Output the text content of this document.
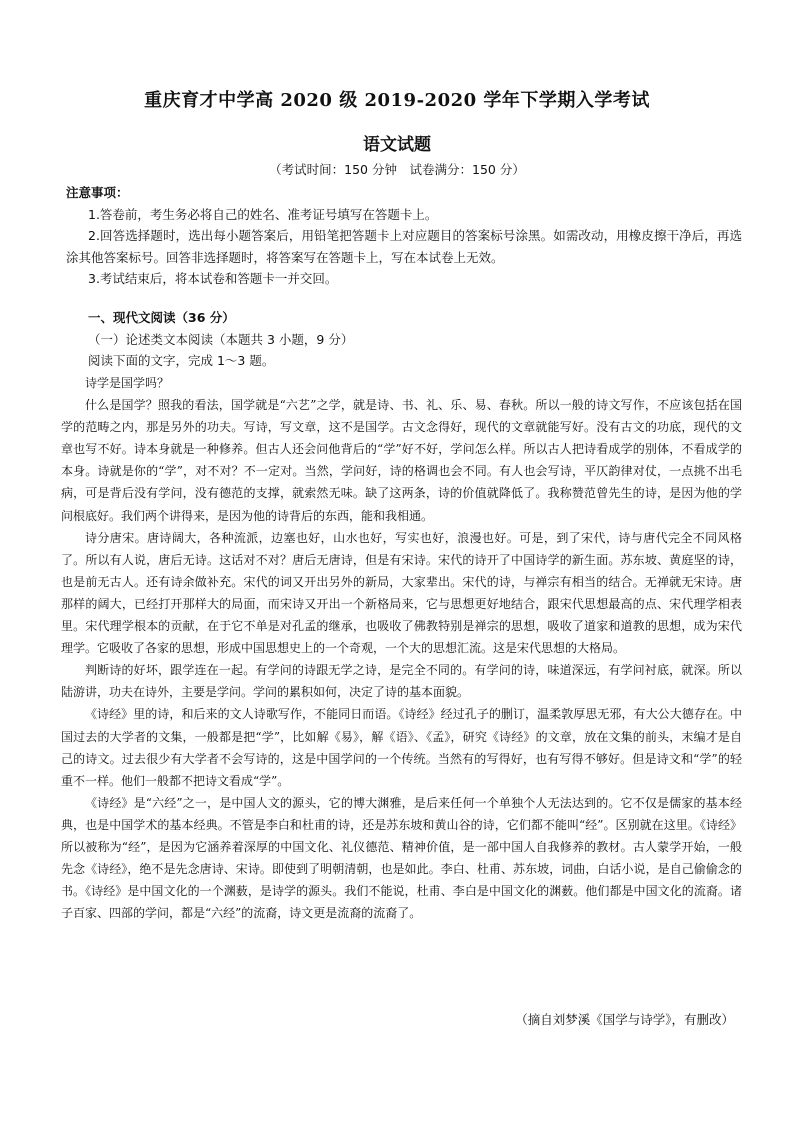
重庆育才中学高 2020 级 2019-2020 学年下学期入学考试
语文试题
（考试时间：150 分钟　试卷满分：150 分）
注意事项：

1.答卷前，考生务必将自己的姓名、准考证号填写在答题卡上。

2.回答选择题时，选出每小题答案后，用铅笔把答题卡上对应题目的答案标号涂黑。如需改动，用橡皮擦干净后，再选涂其他答案标号。回答非选择题时，将答案写在答题卡上，写在本试卷上无效。

3.考试结束后，将本试卷和答题卡一并交回。

一、现代文阅读（36 分）

（一）论述类文本阅读（本题共 3 小题，9 分）

阅读下面的文字，完成 1～3 题。

诗学是国学吗？

什么是国学？照我的看法，国学就是“六艺”之学，就是诗、书、礼、乐、易、春秋。所以一般的诗文写作，不应该包括在国学的范畴之内，那是另外的功夫。写诗，写文章，这不是国学。古文念得好，现代的文章就能写好。没有古文的功底，现代的文章也写不好。诗本身就是一种修养。但古人还会问他背后的“学”好不好，学问怎么样。所以古人把诗看成学的别体，不看成学的本身。诗就是你的“学”，对不对？不一定对。当然，学问好，诗的格调也会不同。有人也会写诗，平仄韵律对仗，一点挑不出毛病，可是背后没有学问，没有德范的支撑，就索然无味。缺了这两条，诗的价值就降低了。我称赞范曾先生的诗，是因为他的学问根底好。我们两个讲得来，是因为他的诗背后的东西，能和我相通。

诗分唐宋。唐诗阔大，各种流派，边塞也好，山水也好，写实也好，浪漫也好。可是，到了宋代，诗与唐代完全不同风格了。所以有人说，唐后无诗。这话对不对？唐后无唐诗，但是有宋诗。宋代的诗开了中国诗学的新生面。苏东坡、黄庭坚的诗，也是前无古人。还有诗余做补充。宋代的词又开出另外的新局，大家辈出。宋代的诗，与禅宗有相当的结合。无禅就无宋诗。唐那样的阔大，已经打开那样大的局面，而宋诗又开出一个新格局来，它与思想更好地结合，跟宋代思想最高的点、宋代理学相表里。宋代理学根本的贡献，在于它不单是对孔孟的继承，也吸收了佛教特别是禅宗的思想，吸收了道家和道教的思想，成为宋代理学。它吸收了各家的思想，形成中国思想史上的一个奇观，一个大的思想汇流。这是宋代思想的大格局。

判断诗的好坏，跟学连在一起。有学问的诗跟无学之诗，是完全不同的。有学问的诗，味道深远，有学问衬底，就深。所以陆游讲，功夫在诗外，主要是学问。学问的累积如何，决定了诗的基本面貌。

《诗经》里的诗，和后来的文人诗歌写作，不能同日而语。《诗经》经过孔子的删订，温柔敦厚思无邪，有大公大德存在。中国过去的大学者的文集，一般都是把“学”，比如解《易》，解《语》、《孟》，研究《诗经》的文章，放在文集的前头，末编才是自己的诗文。过去很少有大学者不会写诗的，这是中国学问的一个传统。当然有的写得好，也有写得不够好。但是诗文和“学”的轻重不一样。他们一般都不把诗文看成“学”。

《诗经》是“六经”之一，是中国人文的源头，它的博大渊雅，是后来任何一个单独个人无法达到的。它不仅是儒家的基本经典，也是中国学术的基本经典。不管是李白和杜甫的诗，还是苏东坡和黄山谷的诗，它们都不能叫“经”。区别就在这里。《诗经》所以被称为“经”，是因为它涵养着深厚的中国文化、礼仪德范、精神价值，是一部中国人自我修养的教材。古人蒙学开始，一般先念《诗经》，绝不是先念唐诗、宋诗。即使到了明朝清朝，也是如此。李白、杜甫、苏东坡，词曲，白话小说，是自己偷偷念的书。《诗经》是中国文化的一个渊薮，是诗学的源头。我们不能说，杜甫、李白是中国文化的渊薮。他们都是中国文化的流裔。诸子百家、四部的学问，都是“六经”的流裔，诗文更是流裔的流裔了。

（摘自刘梦溪《国学与诗学》，有删改）
